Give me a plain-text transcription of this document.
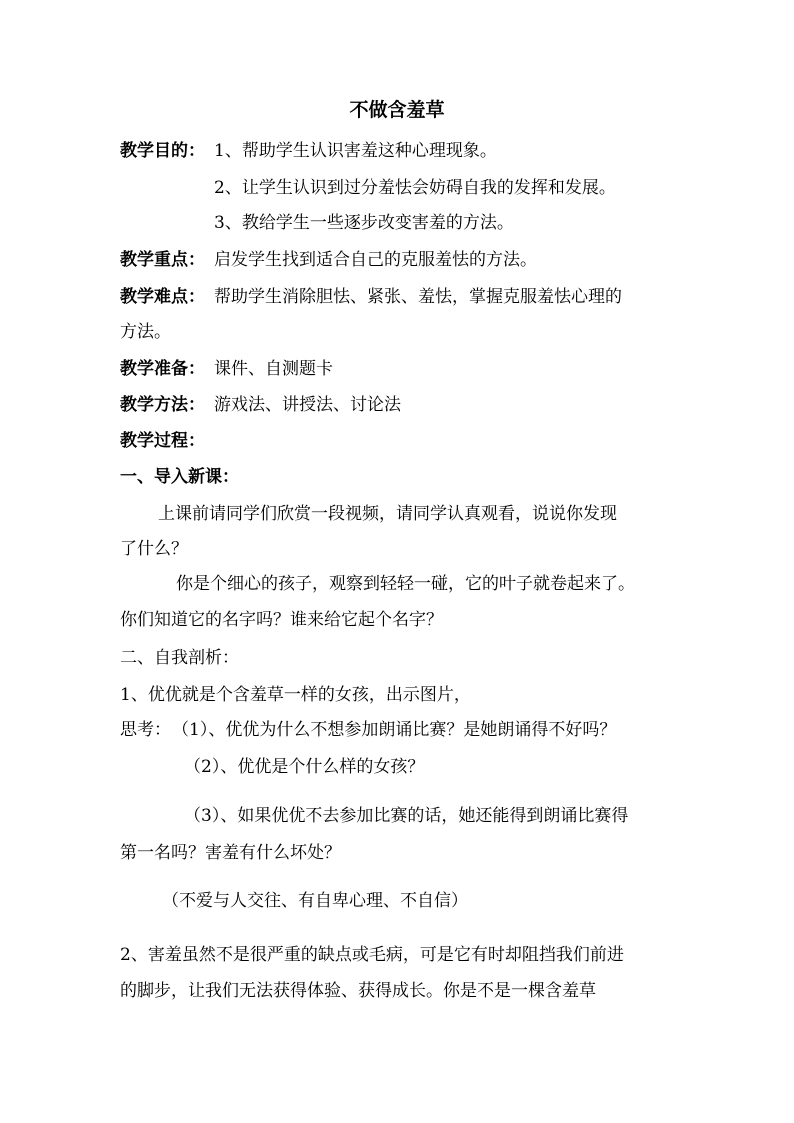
不做含羞草
教学目的： 1、帮助学生认识害羞这种心理现象。
2、让学生认识到过分羞怯会妨碍自我的发挥和发展。
3、教给学生一些逐步改变害羞的方法。
教学重点： 启发学生找到适合自己的克服羞怯的方法。
教学难点： 帮助学生消除胆怯、紧张、羞怯，掌握克服羞怯心理的
方法。
教学准备： 课件、自测题卡
教学方法： 游戏法、讲授法、讨论法
教学过程：
一、导入新课：
上课前请同学们欣赏一段视频，请同学认真观看，说说你发现
了什么？
你是个细心的孩子，观察到轻轻一碰，它的叶子就卷起来了。
你们知道它的名字吗？谁来给它起个名字？
二、自我剖析：
1、优优就是个含羞草一样的女孩，出示图片，
思考： （1）、优优为什么不想参加朗诵比赛？是她朗诵得不好吗？
（2）、优优是个什么样的女孩？
（3）、如果优优不去参加比赛的话，她还能得到朗诵比赛得
第一名吗？害羞有什么坏处？
（不爱与人交往、有自卑心理、不自信）
2、害羞虽然不是很严重的缺点或毛病，可是它有时却阻挡我们前进
的脚步，让我们无法获得体验、获得成长。你是不是一棵含羞草
